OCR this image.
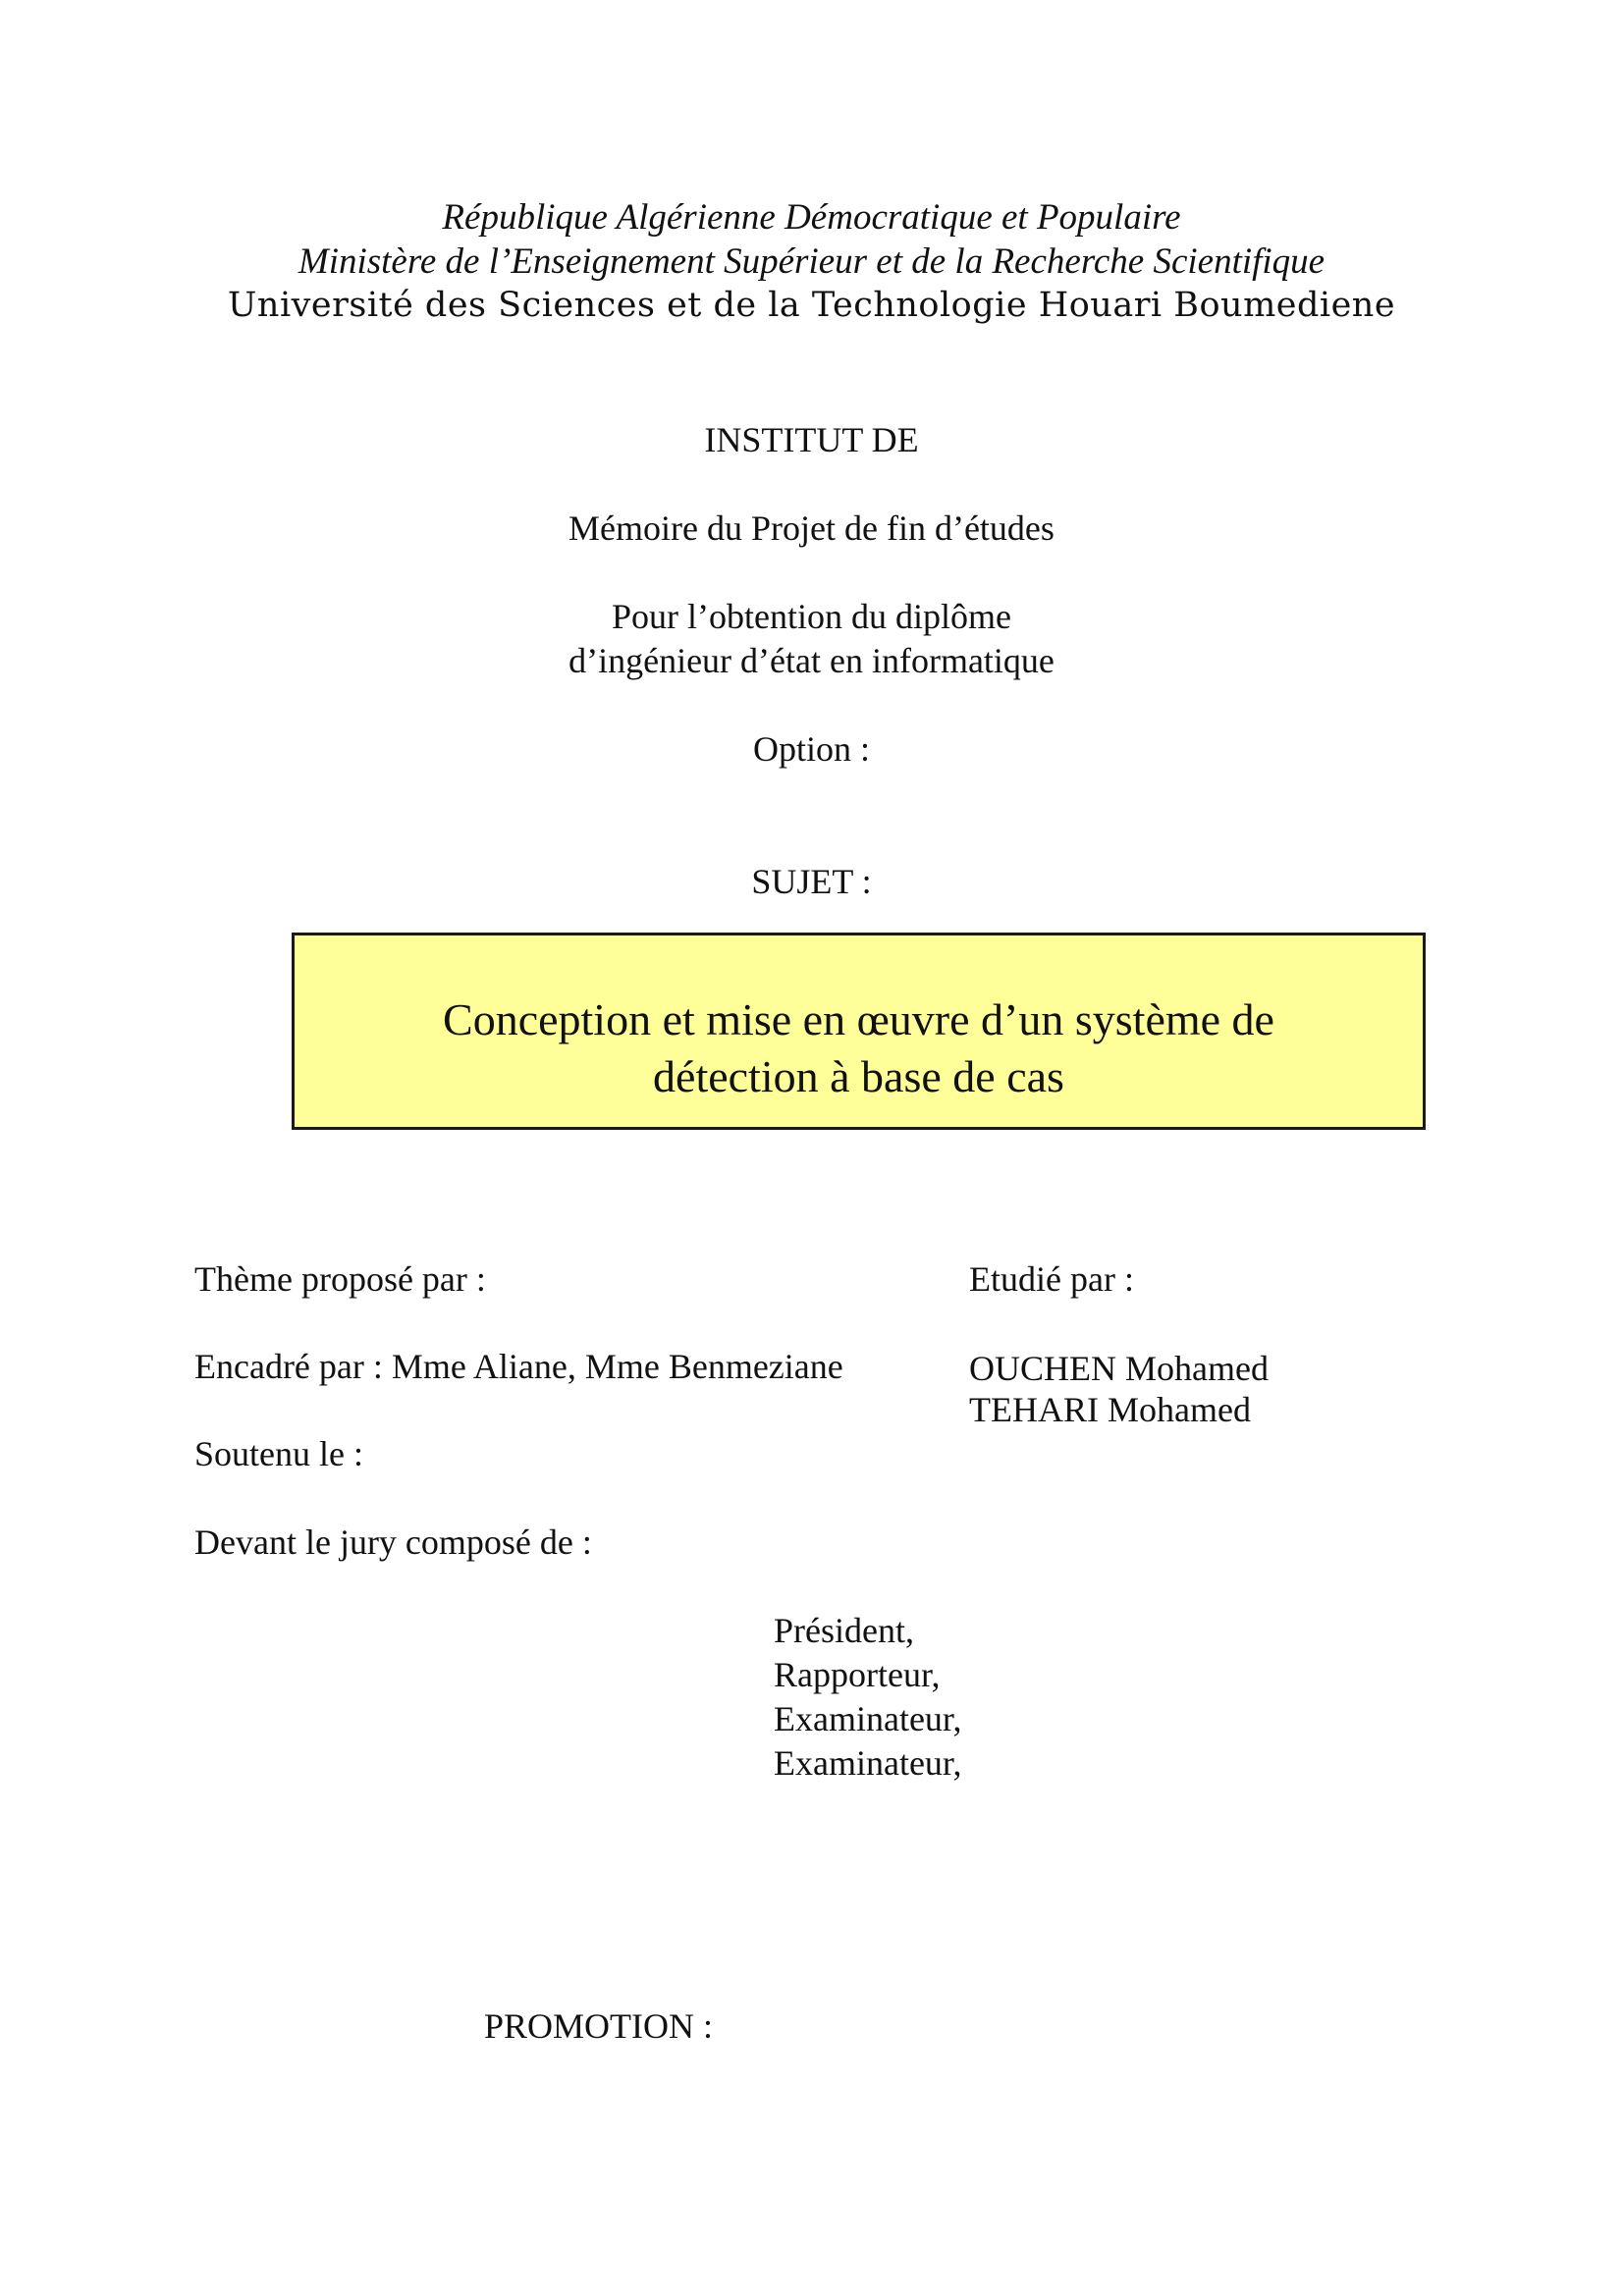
République Algérienne Démocratique et Populaire
Ministère de l’Enseignement Supérieur et de la Recherche Scientifique
Université des Sciences et de la Technologie Houari Boumediene
INSTITUT DE
Mémoire du Projet de fin d’études
Pour l’obtention du diplôme
d’ingénieur d’état en informatique
Option :
SUJET :
Conception et mise en œuvre d’un système de
détection à base de cas
Thème proposé par :
Encadré par : Mme Aliane, Mme Benmeziane
Soutenu le :
Devant le jury composé de :
Etudié par :
OUCHEN Mohamed
TEHARI Mohamed
Président,
Rapporteur,
Examinateur,
Examinateur,
PROMOTION :
